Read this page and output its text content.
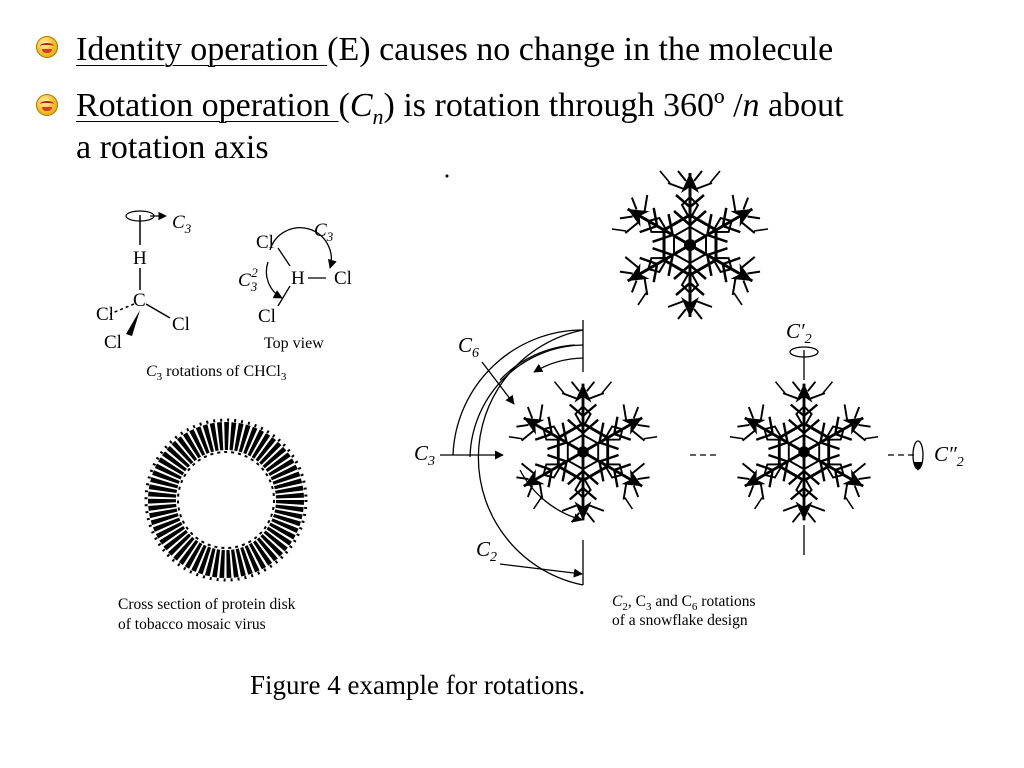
Identity operation (E) causes no change in the molecule
Rotation operation $(C_n)$ is rotation through 360º /n about
a rotation axis
$C_3$
H
C
Cl
Cl
Cl
$C_3$
Cl
Cl
Cl
H
$C_32$
Top view
$C_3$ rotations of CHCl$_3$
Cross section of protein disk
of tobacco mosaic virus
$C_6$
$C_3$
$C_2$
$C'_2$
$C''_2$
$C_2$, $C_3$ and $C_6$ rotations
of a snowflake design
Figure 4 example for rotations.
